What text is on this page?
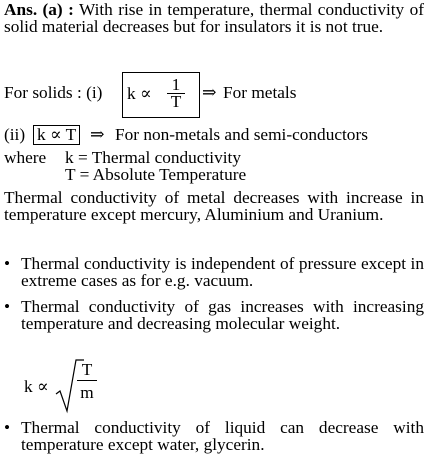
Ans. (a) : With rise in temperature, thermal conductivity of solid material decreases but for insulators it is not true.
For solids : (i) $k \propto \frac{1}{T}$ ⇒ For metals
(ii) k ∝ T ⇒ For non-metals and semi-conductors
where k = Thermal conductivity
T = Absolute Temperature
Thermal conductivity of metal decreases with increase in temperature except mercury, Aluminium and Uranium.
• Thermal conductivity is independent of pressure except in extreme cases as for e.g. vacuum.
• Thermal conductivity of gas increases with increasing temperature and decreasing molecular weight.
$k \propto \frac{T}{m}$
• Thermal conductivity of liquid can decrease with temperature except water, glycerin.
